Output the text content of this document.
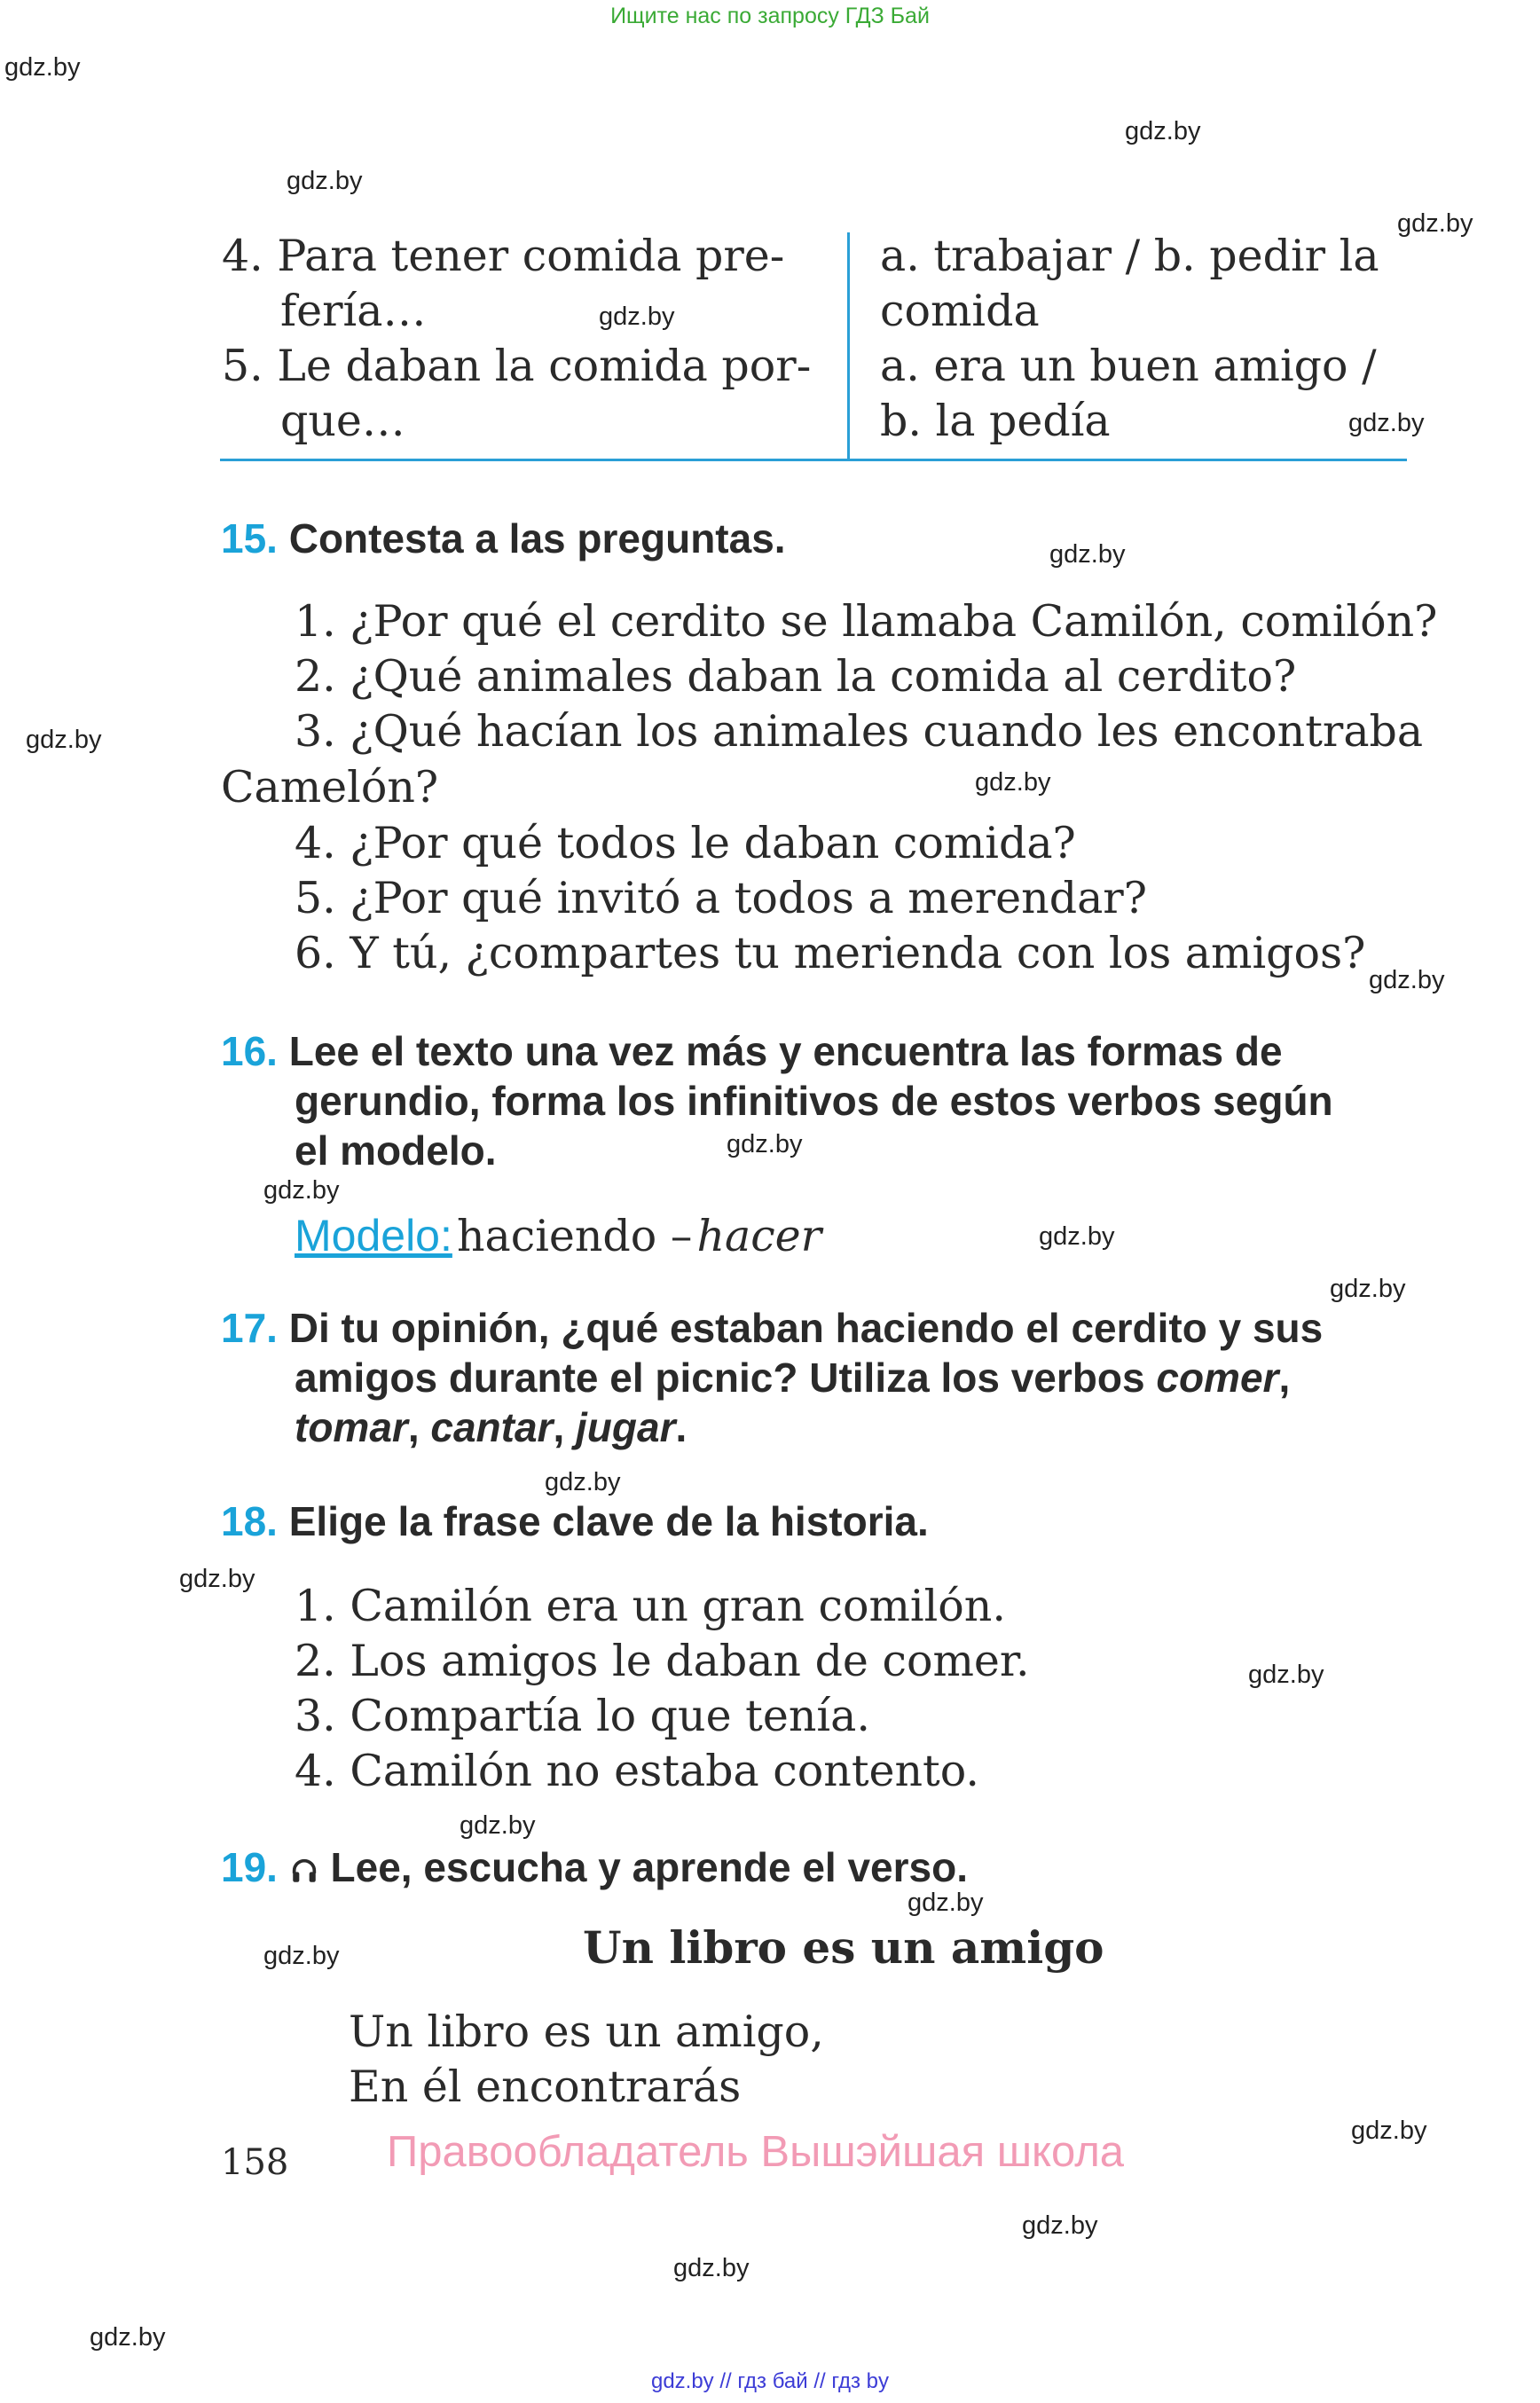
Ищите нас по запросу ГДЗ Бай
gdz.by
gdz.by
gdz.by
gdz.by
gdz.by
gdz.by
gdz.by
gdz.by
gdz.by
gdz.by
gdz.by
gdz.by
gdz.by
gdz.by
gdz.by
gdz.by
gdz.by
gdz.by
gdz.by
gdz.by
gdz.by
gdz.by
gdz.by
gdz.by
4. Para tener comida pre-
fería…
5. Le daban la comida por-
que…
a. trabajar / b. pedir la
comida
a. era un buen amigo /
b. la pedía
15. Contesta a las preguntas.
1. ¿Por qué el cerdito se llamaba Camilón, comilón?
2. ¿Qué animales daban la comida al cerdito?
3. ¿Qué hacían los animales cuando les encontraba
Camelón?
4. ¿Por qué todos le daban comida?
5. ¿Por qué invitó a todos a merendar?
6. Y tú, ¿compartes tu merienda con los amigos?
16. Lee el texto una vez más y encuentra las formas de
gerundio, forma los infinitivos de estos verbos según
el modelo.
Modelo: haciendo – hacer
17. Di tu opinión, ¿qué estaban haciendo el cerdito y sus
amigos durante el picnic? Utiliza los verbos comer,
tomar, cantar, jugar.
18. Elige la frase clave de la historia.
1. Camilón era un gran comilón.
2. Los amigos le daban de comer.
3. Compartía lo que tenía.
4. Camilón no estaba contento.
19. Lee, escucha y aprende el verso.
Un libro es un amigo
Un libro es un amigo,
En él encontrarás
158 Правообладатель Вышэйшая школа
gdz.by // гдз бай // гдз by
